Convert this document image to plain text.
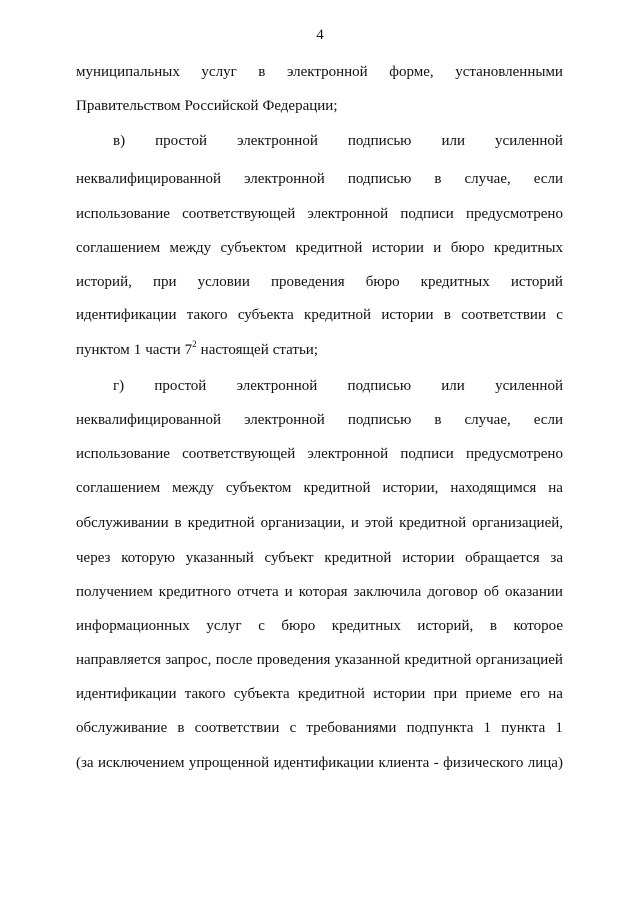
4
муниципальных услуг в электронной форме, установленными
Правительством Российской Федерации;
в) простой электронной подписью или усиленной
неквалифицированной электронной подписью в случае, если
использование соответствующей электронной подписи предусмотрено
соглашением между субъектом кредитной истории и бюро кредитных
историй, при условии проведения бюро кредитных историй
идентификации такого субъекта кредитной истории в соответствии с
пунктом 1 части $7^2$ настоящей статьи;
г) простой электронной подписью или усиленной
неквалифицированной электронной подписью в случае, если
использование соответствующей электронной подписи предусмотрено
соглашением между субъектом кредитной истории, находящимся на
обслуживании в кредитной организации, и этой кредитной организацией,
через которую указанный субъект кредитной истории обращается за
получением кредитного отчета и которая заключила договор об оказании
информационных услуг с бюро кредитных историй, в которое
направляется запрос, после проведения указанной кредитной организацией
идентификации такого субъекта кредитной истории при приеме его на
обслуживание в соответствии с требованиями подпункта 1 пункта 1
(за исключением упрощенной идентификации клиента - физического лица)
